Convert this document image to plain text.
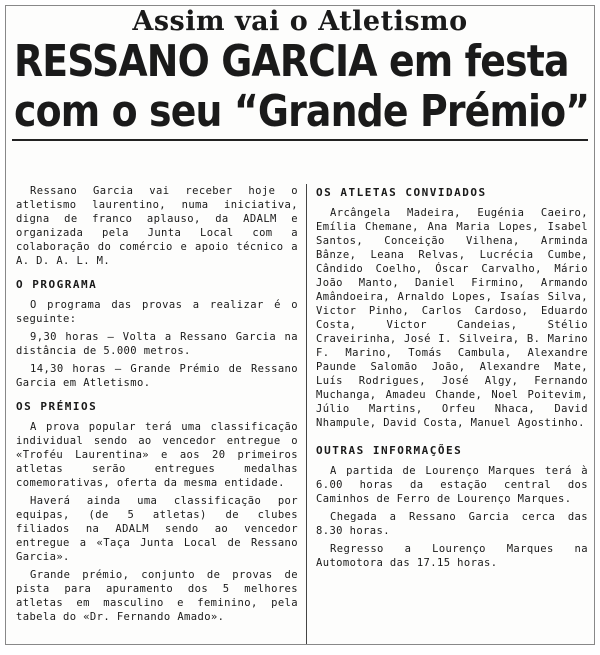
Assim vai o Atletismo
RESSANO GARCIA em festa
com o seu “Grande Prémio”

Ressano Garcia vai receber hoje o atletismo laurentino, numa iniciativa, digna de franco aplauso, da ADALM e organizada pela Junta Local com a colaboração do comércio e apoio técnico a A. D. A. L. M.

O PROGRAMA

O programa das provas a realizar é o seguinte:

9,30 horas — Volta a Ressano Garcia na distância de 5.000 metros.

14,30 horas — Grande Prémio de Ressano Garcia em Atletismo.

OS PRÉMIOS

A prova popular terá uma classificação individual sendo ao vencedor entregue o «Troféu Laurentina» e aos 20 primeiros atletas serão entregues medalhas comemorativas, oferta da mesma entidade.

Haverá ainda uma classificação por equipas, (de 5 atletas) de clubes filiados na ADALM sendo ao vencedor entregue a «Taça Junta Local de Ressano Garcia».

Grande prémio, conjunto de provas de pista para apuramento dos 5 melhores atletas em masculino e feminino, pela tabela do «Dr. Fernando Amado».

OS ATLETAS CONVIDADOS

Arcângela Madeira, Eugénia Caeiro, Emília Chemane, Ana Maria Lopes, Isabel Santos, Conceição Vilhena, Arminda Bânze, Leana Relvas, Lucrécia Cumbe, Cândido Coelho, Óscar Carvalho, Mário João Manto, Daniel Firmino, Armando Amândoeira, Arnaldo Lopes, Isaías Silva, Victor Pinho, Carlos Cardoso, Eduardo Costa, Victor Candeias, Stélio Craveirinha, José I. Silveira, B. Marino F. Marino, Tomás Cambula, Alexandre Paunde Salomão João, Alexandre Mate, Luís Rodrigues, José Algy, Fernando Muchanga, Amadeu Chande, Noel Poitevim, Júlio Martins, Orfeu Nhaca, David Nhampule, David Costa, Manuel Agostinho.

OUTRAS INFORMAÇÕES

A partida de Lourenço Marques terá à 6.00 horas da estação central dos Caminhos de Ferro de Lourenço Marques.

Chegada a Ressano Garcia cerca das 8.30 horas.

Regresso a Lourenço Marques na Automotora das 17.15 horas.
